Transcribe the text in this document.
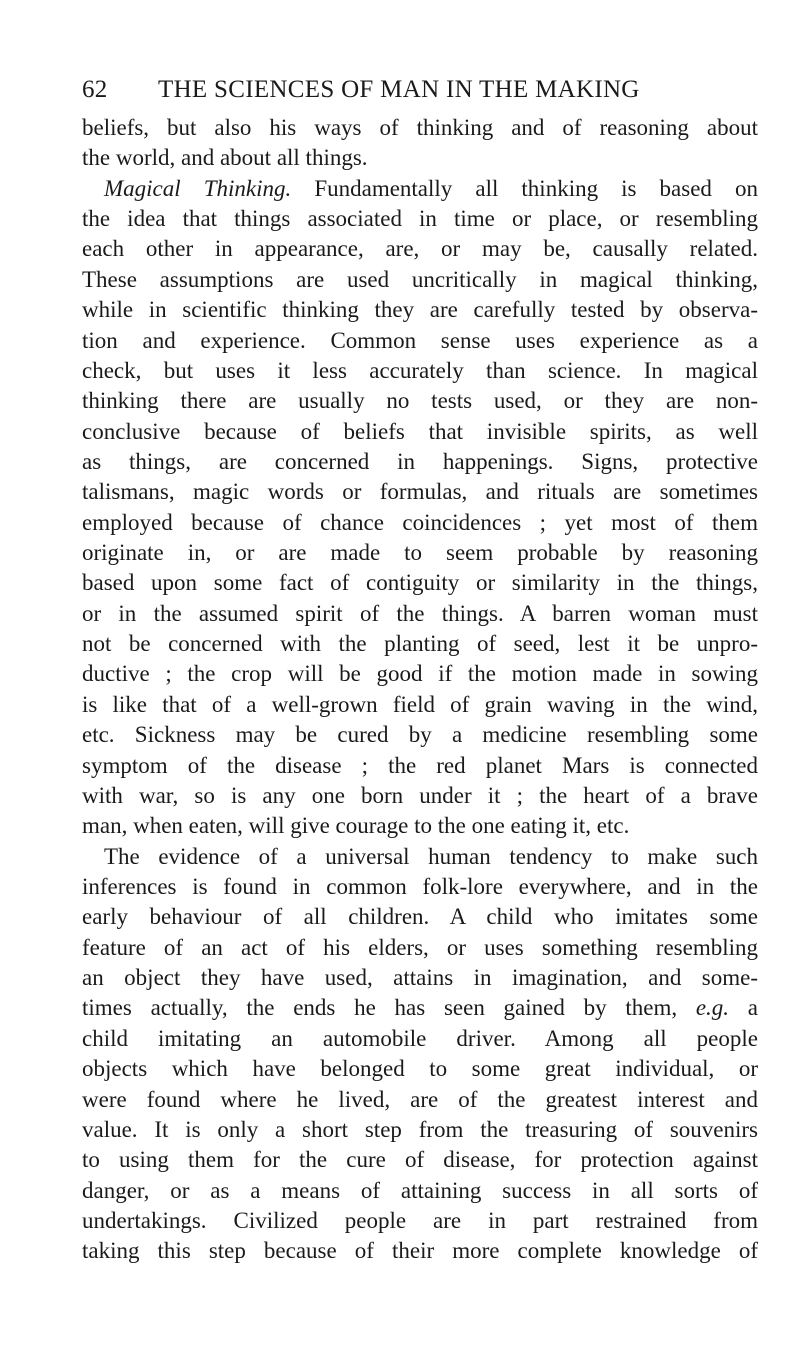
62 THE SCIENCES OF MAN IN THE MAKING
beliefs, but also his ways of thinking and of reasoning about
the world, and about all things.
Magical Thinking. Fundamentally all thinking is based on
the idea that things associated in time or place, or resembling
each other in appearance, are, or may be, causally related.
These assumptions are used uncritically in magical thinking,
while in scientific thinking they are carefully tested by observa-
tion and experience. Common sense uses experience as a
check, but uses it less accurately than science. In magical
thinking there are usually no tests used, or they are non-
conclusive because of beliefs that invisible spirits, as well
as things, are concerned in happenings. Signs, protective
talismans, magic words or formulas, and rituals are sometimes
employed because of chance coincidences ; yet most of them
originate in, or are made to seem probable by reasoning
based upon some fact of contiguity or similarity in the things,
or in the assumed spirit of the things. A barren woman must
not be concerned with the planting of seed, lest it be unpro-
ductive ; the crop will be good if the motion made in sowing
is like that of a well-grown field of grain waving in the wind,
etc. Sickness may be cured by a medicine resembling some
symptom of the disease ; the red planet Mars is connected
with war, so is any one born under it ; the heart of a brave
man, when eaten, will give courage to the one eating it, etc.
The evidence of a universal human tendency to make such
inferences is found in common folk-lore everywhere, and in the
early behaviour of all children. A child who imitates some
feature of an act of his elders, or uses something resembling
an object they have used, attains in imagination, and some-
times actually, the ends he has seen gained by them, e.g. a
child imitating an automobile driver. Among all people
objects which have belonged to some great individual, or
were found where he lived, are of the greatest interest and
value. It is only a short step from the treasuring of souvenirs
to using them for the cure of disease, for protection against
danger, or as a means of attaining success in all sorts of
undertakings. Civilized people are in part restrained from
taking this step because of their more complete knowledge of
